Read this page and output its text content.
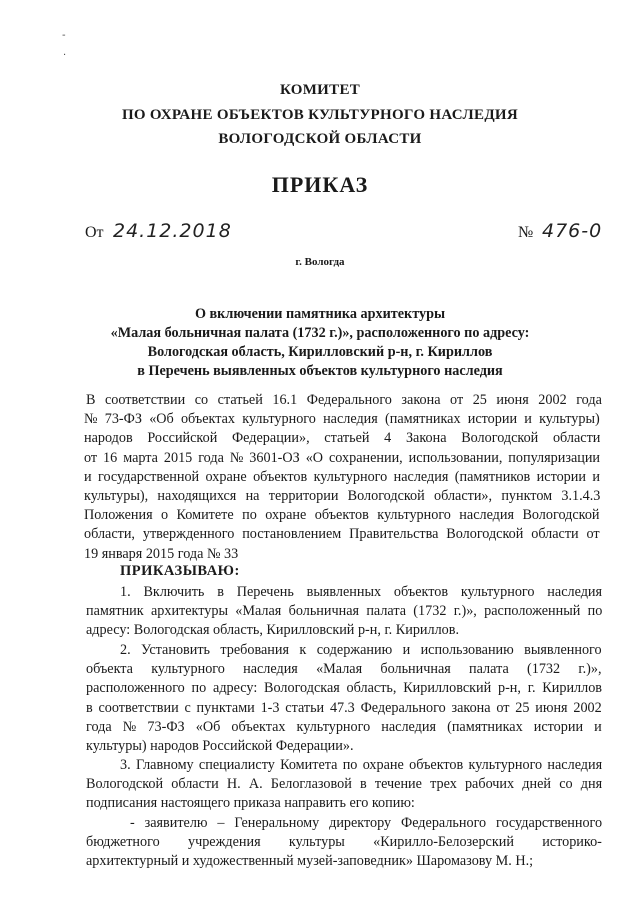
-
·
КОМИТЕТ
ПО ОХРАНЕ ОБЪЕКТОВ КУЛЬТУРНОГО НАСЛЕДИЯ
ВОЛОГОДСКОЙ ОБЛАСТИ
ПРИКАЗ
От 24.12.2018	№ 476-0
г. Вологда
О включении памятника архитектуры
«Малая больничная палата (1732 г.)», расположенного по адресу:
Вологодская область, Кирилловский р-н, г. Кириллов
в Перечень выявленных объектов культурного наследия
В соответствии со статьей 16.1 Федерального закона от 25 июня 2002 года
№ 73-ФЗ «Об объектах культурного наследия (памятниках истории и культуры)
народов Российской Федерации», статьей 4 Закона Вологодской области
от 16 марта 2015 года № 3601-ОЗ «О сохранении, использовании, популяризации
и государственной охране объектов культурного наследия (памятников истории и
культуры), находящихся на территории Вологодской области», пунктом 3.1.4.3
Положения о Комитете по охране объектов культурного наследия Вологодской
области, утвержденного постановлением Правительства Вологодской области от
19 января 2015 года № 33
ПРИКАЗЫВАЮ:
1. Включить в Перечень выявленных объектов культурного наследия
памятник архитектуры «Малая больничная палата (1732 г.)», расположенный по
адресу: Вологодская область, Кирилловский р-н, г. Кириллов.
2. Установить требования к содержанию и использованию выявленного
объекта культурного наследия «Малая больничная палата (1732 г.)»,
расположенного по адресу: Вологодская область, Кирилловский р-н, г. Кириллов
в соответствии с пунктами 1-3 статьи 47.3 Федерального закона от 25 июня 2002
года № 73-ФЗ «Об объектах культурного наследия (памятниках истории и
культуры) народов Российской Федерации».
3. Главному специалисту Комитета по охране объектов культурного наследия
Вологодской области Н. А. Белоглазовой в течение трех рабочих дней со дня
подписания настоящего приказа направить его копию:
- заявителю – Генеральному директору Федерального государственного
бюджетного учреждения культуры «Кирилло-Белозерский историко-
архитектурный и художественный музей-заповедник» Шаромазову М. Н.;
